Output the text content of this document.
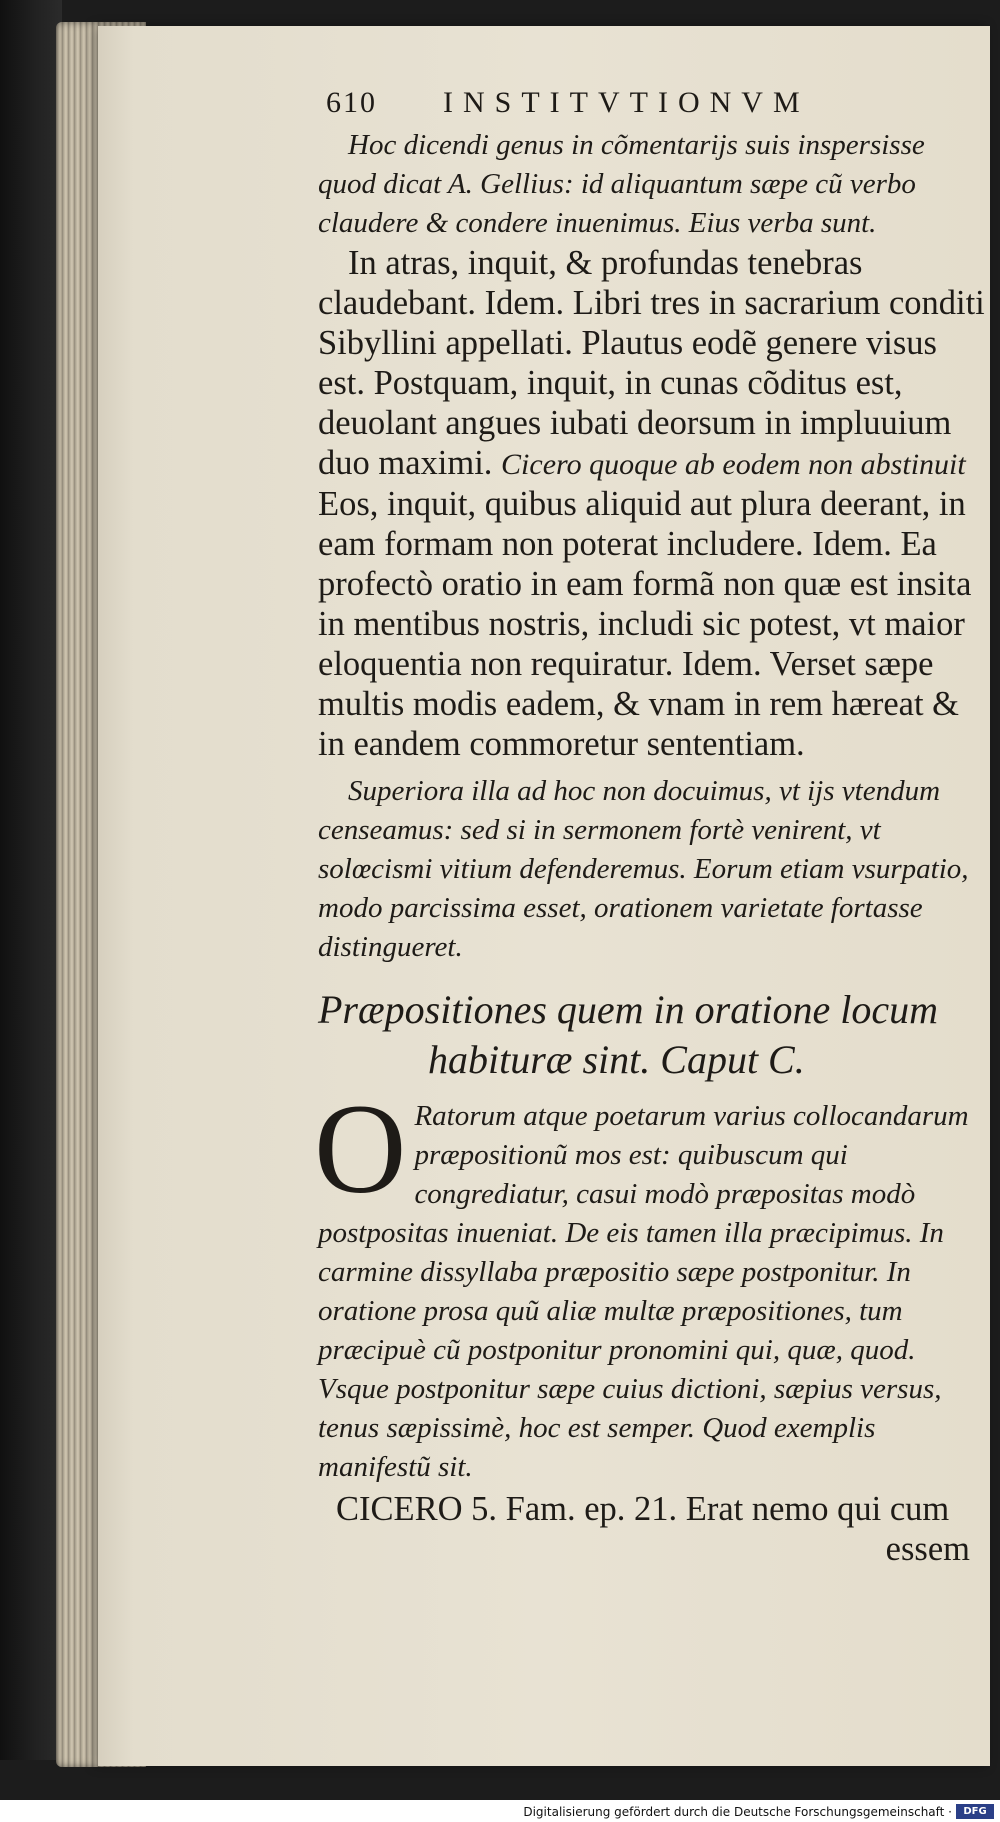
610 INSTITVTIONVM

Hoc dicendi genus in cõmentarijs suis inspersisse quod dicat A. Gellius: id aliquantum sæpe cũ verbo claudere & condere inuenimus. Eius verba sunt.

In atras, inquit, & profundas tenebras claudebant. Idem. Libri tres in sacrarium conditi Sibyllini appellati. Plautus eodẽ genere visus est. Postquam, inquit, in cunas cõditus est, deuolant angues iubati deorsum in impluuium duo maximi. Cicero quoque ab eodem non abstinuit Eos, inquit, quibus aliquid aut plura deerant, in eam formam non poterat includere. Idem. Ea profectò oratio in eam formã non quæ est insita in mentibus nostris, includi sic potest, vt maior eloquentia non requiratur. Idem. Verset sæpe multis modis eadem, & vnam in rem hæreat & in eandem commoretur sententiam.

Superiora illa ad hoc non docuimus, vt ijs vtendum censeamus: sed si in sermonem fortè venirent, vt solœcismi vitium defenderemus. Eorum etiam vsurpatio, modo parcissima esset, orationem varietate fortasse distingueret.

Præpositiones quem in oratione locum
habituræ sint. Caput C.
O Ratorum atque poetarum varius collocandarum præpositionũ mos est: quibuscum qui congrediatur, casui modò præpositas modò postpositas inueniat. De eis tamen illa præcipimus. In carmine dissyllaba præpositio sæpe postponitur. In oratione prosa quũ aliæ multæ præpositiones, tum præcipuè cũ postponitur pronomini qui, quæ, quod. Vsque postponitur sæpe cuius dictioni, sæpius versus, tenus sæpissimè, hoc est semper. Quod exemplis manifestũ sit.

CICERO 5. Fam. ep. 21. Erat nemo qui cum
essem
Digitalisierung gefördert durch die Deutsche Forschungsgemeinschaft ·	DFG
